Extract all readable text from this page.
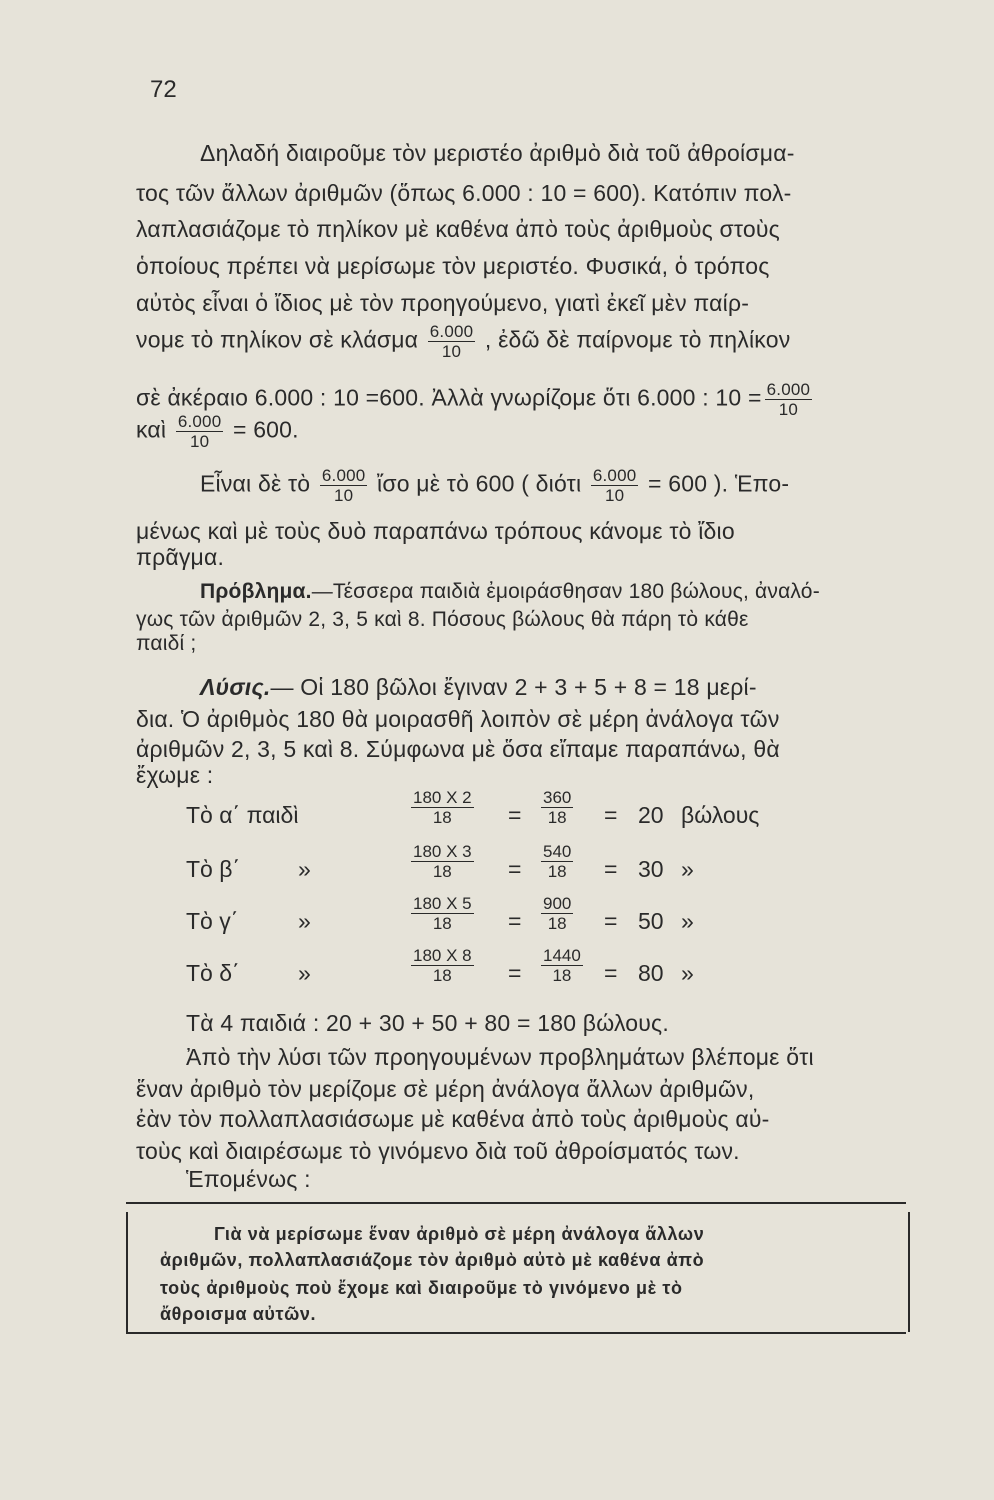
72
Δηλαδή διαιροῦμε τὸν μεριστέο ἀριθμὸ διὰ τοῦ ἀθροίσμα-
τος τῶν ἄλλων ἀριθμῶν (ὅπως 6.000 : 10 = 600). Κατόπιν πολ-
λαπλασιάζομε τὸ πηλίκον μὲ καθένα ἀπὸ τοὺς ἀριθμοὺς στοὺς
ὁποίους πρέπει νὰ μερίσωμε τὸν μεριστέο. Φυσικά, ὁ τρόπος
αὐτὸς εἶναι ὁ ἴδιος μὲ τὸν προηγούμενο, γιατὶ ἐκεῖ μὲν παίρ-
νομε τὸ πηλίκον σὲ κλάσμα $\frac{6.000}{10}$ , ἐδῶ δὲ παίρνομε τὸ πηλίκον
σὲ ἀκέραιο 6.000 : 10 =600. Ἀλλὰ γνωρίζομε ὅτι 6.000 : $10 = \frac{6.000}{10}$
καὶ $\frac{6.000}{10} = 600$.
Εἶναι δὲ τὸ $\frac{6.000}{10}$ ἴσο μὲ τὸ 600 ( διότι $\frac{6.000}{10} = 600$ ). Ἑπο-
μένως καὶ μὲ τοὺς δυὸ παραπάνω τρόπους κάνομε τὸ ἴδιο
πρᾶγμα.
Πρόβλημα.—Τέσσερα παιδιὰ ἐμοιράσθησαν 180 βώλους, ἀναλό-
γως τῶν ἀριθμῶν 2, 3, 5 καὶ 8. Πόσους βώλους θὰ πάρη τὸ κάθε
παιδί ;
Λύσις.— Οἱ 180 βῶλοι ἔγιναν 2 + 3 + 5 + 8 = 18 μερί-
δια. Ὁ ἀριθμὸς 180 θὰ μοιρασθῆ λοιπὸν σὲ μέρη ἀνάλογα τῶν
ἀριθμῶν 2, 3, 5 καὶ 8. Σύμφωνα μὲ ὅσα εἴπαμε παραπάνω, θὰ
ἔχωμε :
Τὸ α΄ παιδὶ	$\frac{180 X 2}{18} = \frac{360}{18} = 20$ βώλους
Τὸ β΄	»	$\frac{180 X 3}{18} = \frac{540}{18} = 30$ »
Τὸ γ΄	»	$\frac{180 X 5}{18} = \frac{900}{18} = 50$ »
Τὸ δ΄	»	$\frac{180 X 8}{18} = \frac{1440}{18} = 80$ »
Τὰ 4 παιδιά : 20 + 30 + 50 + 80 = 180 βώλους.
Ἀπὸ τὴν λύσι τῶν προηγουμένων προβλημάτων βλέπομε ὅτι
ἕναν ἀριθμὸ τὸν μερίζομε σὲ μέρη ἀνάλογα ἄλλων ἀριθμῶν,
ἐὰν τὸν πολλαπλασιάσωμε μὲ καθένα ἀπὸ τοὺς ἀριθμοὺς αὐ-
τοὺς καὶ διαιρέσωμε τὸ γινόμενο διὰ τοῦ ἀθροίσματός των.
Ἑπομένως :
Γιὰ νὰ μερίσωμε ἕναν ἀριθμὸ σὲ μέρη ἀνάλογα ἄλλων
ἀριθμῶν, πολλαπλασιάζομε τὸν ἀριθμὸ αὐτὸ μὲ καθένα ἀπὸ
τοὺς ἀριθμοὺς ποὺ ἔχομε καὶ διαιροῦμε τὸ γινόμενο μὲ τὸ
ἄθροισμα αὐτῶν.
